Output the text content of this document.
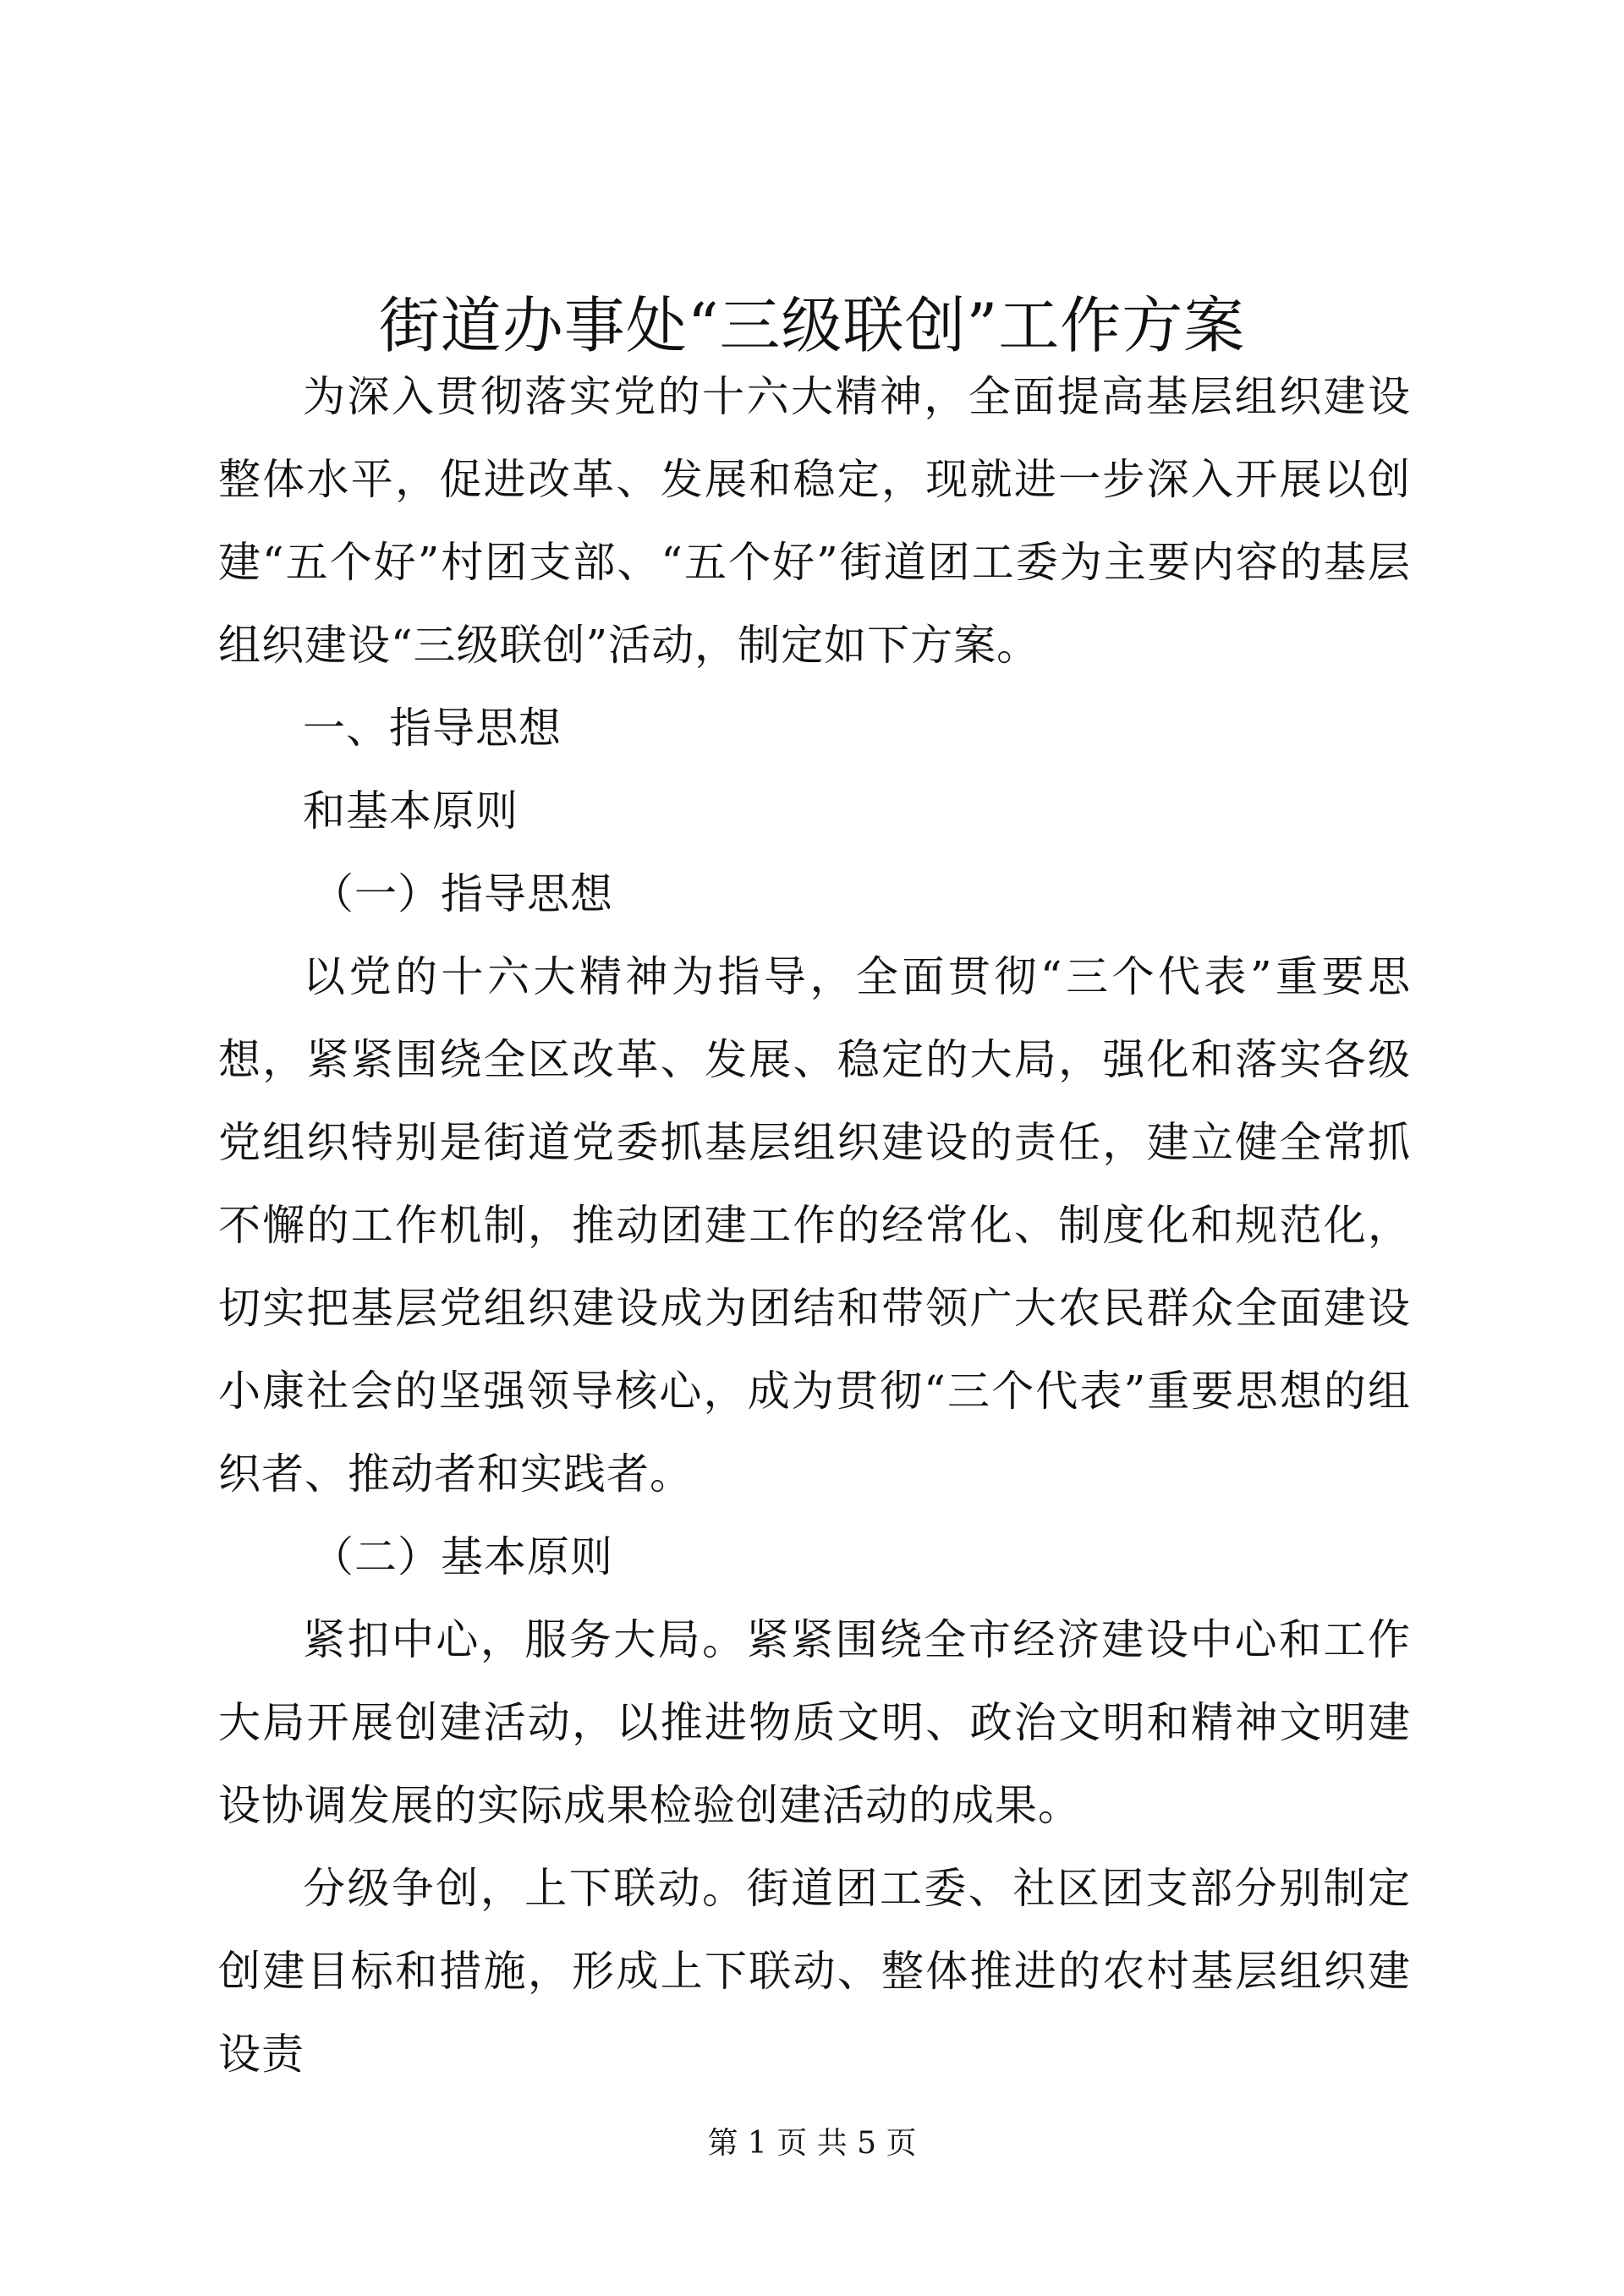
街道办事处“三级联创”工作方案

为深入贯彻落实党的十六大精神，全面提高基层组织建设整体水平，促进改革、发展和稳定，现就进一步深入开展以创建“五个好”村团支部、“五个好”街道团工委为主要内容的基层组织建设“三级联创”活动，制定如下方案。

一、指导思想

和基本原则

（一）指导思想

以党的十六大精神为指导，全面贯彻“三个代表”重要思想，紧紧围绕全区改革、发展、稳定的大局，强化和落实各级党组织特别是街道党委抓基层组织建设的责任，建立健全常抓不懈的工作机制，推动团建工作的经常化、制度化和规范化，切实把基层党组织建设成为团结和带领广大农民群众全面建设小康社会的坚强领导核心，成为贯彻“三个代表”重要思想的组织者、推动者和实践者。

（二）基本原则

紧扣中心，服务大局。紧紧围绕全市经济建设中心和工作大局开展创建活动，以推进物质文明、政治文明和精神文明建设协调发展的实际成果检验创建活动的成果。

分级争创，上下联动。街道团工委、社区团支部分别制定创建目标和措施，形成上下联动、整体推进的农村基层组织建设责

第 1 页 共 5 页
